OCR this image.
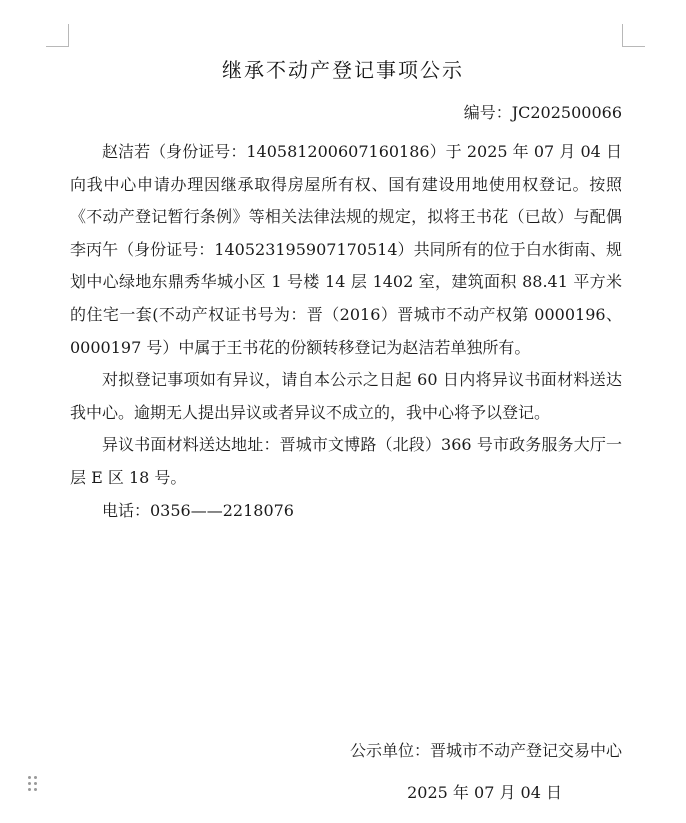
继承不动产登记事项公示
编号：JC202500066

赵洁若（身份证号：140581200607160186）于 2025 年 07 月 04 日向我中心申请办理因继承取得房屋所有权、国有建设用地使用权登记。按照《不动产登记暂行条例》等相关法律法规的规定，拟将王书花（已故）与配偶李丙午（身份证号：140523195907170514）共同所有的位于白水街南、规划中心绿地东鼎秀华城小区 1 号楼 14 层 1402 室，建筑面积 88.41 平方米的住宅一套(不动产权证书号为：晋（2016）晋城市不动产权第 0000196、0000197 号）中属于王书花的份额转移登记为赵洁若单独所有。

对拟登记事项如有异议，请自本公示之日起 60 日内将异议书面材料送达我中心。逾期无人提出异议或者异议不成立的，我中心将予以登记。

异议书面材料送达地址：晋城市文博路（北段）366 号市政务服务大厅一层 E 区 18 号。

电话：0356——2218076

公示单位：晋城市不动产登记交易中心
2025 年 07 月 04 日
